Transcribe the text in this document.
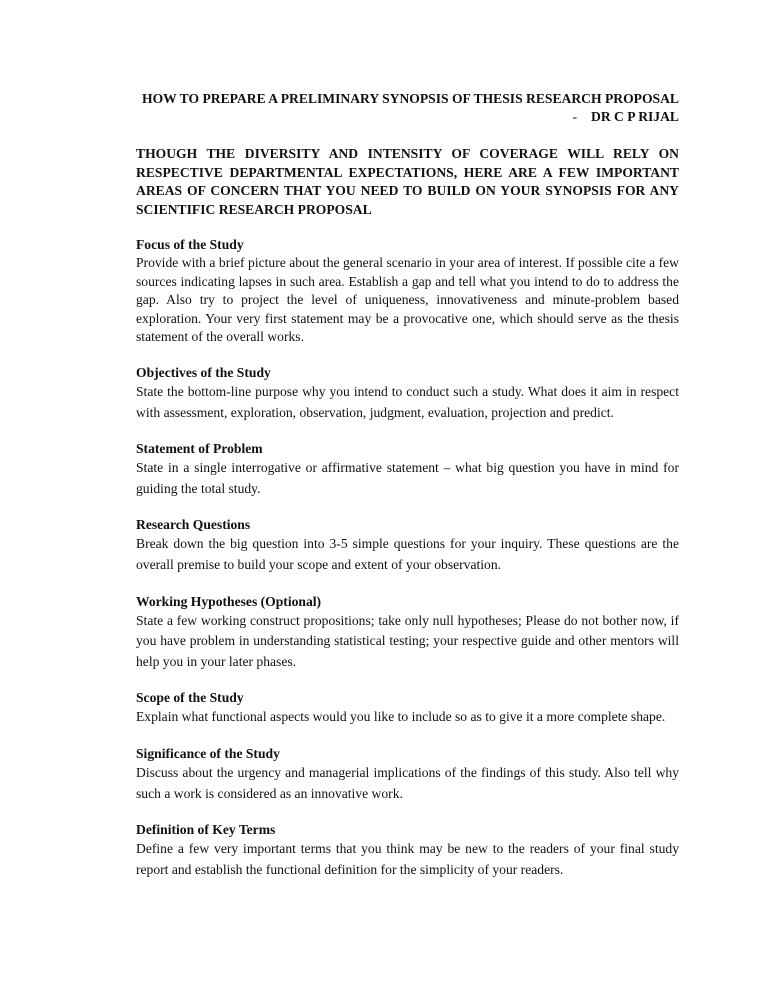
HOW TO PREPARE A PRELIMINARY SYNOPSIS OF THESIS RESEARCH PROPOSAL

- DR C P RIJAL

THOUGH THE DIVERSITY AND INTENSITY OF COVERAGE WILL RELY ON RESPECTIVE DEPARTMENTAL EXPECTATIONS, HERE ARE A FEW IMPORTANT AREAS OF CONCERN THAT YOU NEED TO BUILD ON YOUR SYNOPSIS FOR ANY SCIENTIFIC RESEARCH PROPOSAL

Focus of the Study

Provide with a brief picture about the general scenario in your area of interest. If possible cite a few sources indicating lapses in such area. Establish a gap and tell what you intend to do to address the gap. Also try to project the level of uniqueness, innovativeness and minute-problem based exploration. Your very first statement may be a provocative one, which should serve as the thesis statement of the overall works.

Objectives of the Study

State the bottom-line purpose why you intend to conduct such a study. What does it aim in respect with assessment, exploration, observation, judgment, evaluation, projection and predict.

Statement of Problem

State in a single interrogative or affirmative statement – what big question you have in mind for guiding the total study.

Research Questions

Break down the big question into 3-5 simple questions for your inquiry. These questions are the overall premise to build your scope and extent of your observation.

Working Hypotheses (Optional)

State a few working construct propositions; take only null hypotheses; Please do not bother now, if you have problem in understanding statistical testing; your respective guide and other mentors will help you in your later phases.

Scope of the Study

Explain what functional aspects would you like to include so as to give it a more complete shape.

Significance of the Study

Discuss about the urgency and managerial implications of the findings of this study. Also tell why such a work is considered as an innovative work.

Definition of Key Terms

Define a few very important terms that you think may be new to the readers of your final study report and establish the functional definition for the simplicity of your readers.
